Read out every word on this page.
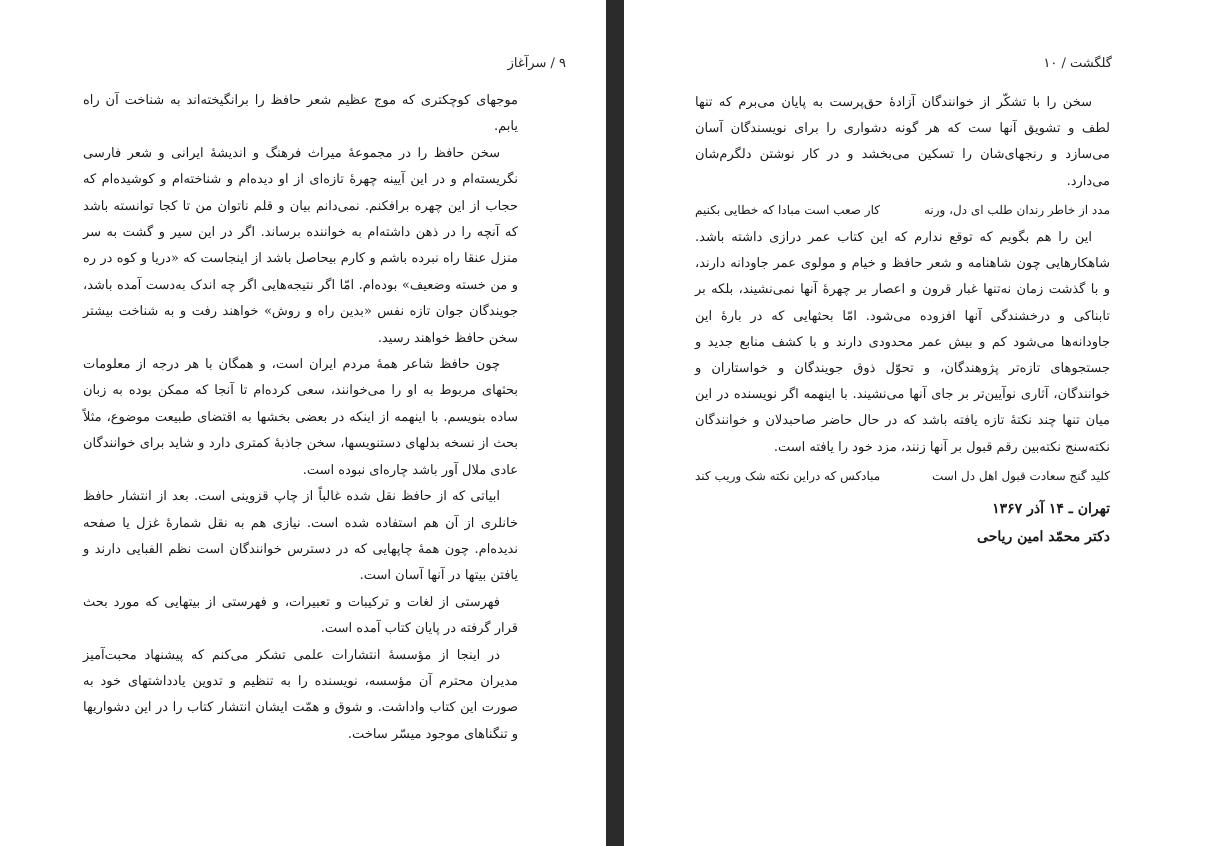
۹ / سرآغاز

موجهای کوچکتری که موج عظیم شعر حافظ را برانگیخته‌اند به شناخت آن راه یابم.

سخن حافظ را در مجموعهٔ میراث فرهنگ و اندیشهٔ ایرانی و شعر فارسی نگریسته‌ام و در این آیینه چهرهٔ تازه‌ای از او دیده‌ام و شناخته‌ام و کوشیده‌ام که حجاب از این چهره برافکنم. نمی‌دانم بیان و قلم ناتوان من تا کجا توانسته باشد که آنچه را در ذهن داشته‌ام به خواننده برساند. اگر در این سیر و گشت به سر منزل عنقا راه نبرده باشم و کارم بیحاصل باشد از اینجاست که «دریا و کوه در ره و من خسته وضعیف» بوده‌ام. امّا اگر نتیجه‌هایی اگر چه اندک به‌دست آمده باشد، جویندگان جوان تازه نفس «بدین راه و روش» خواهند رفت و به شناخت بیشتر سخن حافظ خواهند رسید.

چون حافظ شاعر همهٔ مردم ایران است، و همگان با هر درجه از معلومات بحثهای مربوط به او را می‌خوانند، سعی کرده‌ام تا آنجا که ممکن بوده به زبان ساده بنویسم. با اینهمه از اینکه در بعضی بخشها به اقتضای طبیعت موضوع، مثلاً بحث از نسخه بدلهای دستنویسها، سخن جاذبهٔ کمتری دارد و شاید برای خوانندگان عادی ملال آور باشد چاره‌ای نبوده است.

ابیاتی که از حافظ نقل شده غالباً از چاپ قزوینی است. بعد از انتشار حافظ خانلری از آن هم استفاده شده است. نیازی هم به نقل شمارهٔ غزل یا صفحه ندیده‌ام. چون همهٔ چاپهایی که در دسترس خوانندگان است نظم الفبایی دارند و یافتن بیتها در آنها آسان است.

فهرستی از لغات و ترکیبات و تعبیرات، و فهرستی از بیتهایی که مورد بحث قرار گرفته در پایان کتاب آمده است.

در اینجا از مؤسسهٔ انتشارات علمی تشکر می‌کنم که پیشنهاد محبت‌آمیز مدیران محترم آن مؤسسه، نویسنده را به تنظیم و تدوین یادداشتهای خود به صورت این کتاب واداشت. و شوق و همّت ایشان انتشار کتاب را در این دشواریها و تنگناهای موجود میسّر ساخت.

گلگشت / ۱۰

سخن را با تشکّر از خوانندگان آزادهٔ حق‌پرست به پایان می‌برم که تنها لطف و تشویق آنها ست که هر گونه دشواری را برای نویسندگان آسان می‌سازد و رنجهای‌شان را تسکین می‌بخشد و در کار نوشتن دلگرم‌شان می‌دارد.

مدد از خاطر رندان طلب ای دل، ورنه
کار صعب است مبادا که خطایی بکنیم

این را هم بگویم که توقع ندارم که این کتاب عمر درازی داشته باشد. شاهکارهایی چون شاهنامه و شعر حافظ و خیام و مولوی عمر جاودانه دارند، و با گذشت زمان نه‌تنها غبار قرون و اعصار بر چهرهٔ آنها نمی‌نشیند، بلکه بر تابناکی و درخشندگی آنها افزوده می‌شود. امّا بحثهایی که در بارهٔ این جاودانه‌ها می‌شود کم و بیش عمر محدودی دارند و با کشف منابع جدید و جستجوهای تازه‌تر پژوهندگان، و تحوّل ذوق جویندگان و خواستاران و خوانندگان، آثاری نوآیین‌تر بر جای آنها می‌نشیند. با اینهمه اگر نویسنده در این میان تنها چند نکتهٔ تازه یافته باشد که در حال حاضر صاحبدلان و خوانندگان نکته‌سنج نکته‌بین رقم قبول بر آنها زنند، مزد خود را یافته است.

کلید گنج سعادت قبول اهل دل است
مبادکس که دراین نکته شک وریب کند
تهران ـ ۱۴ آذر ۱۳۶۷
دکتر محمّد امین ریاحی
